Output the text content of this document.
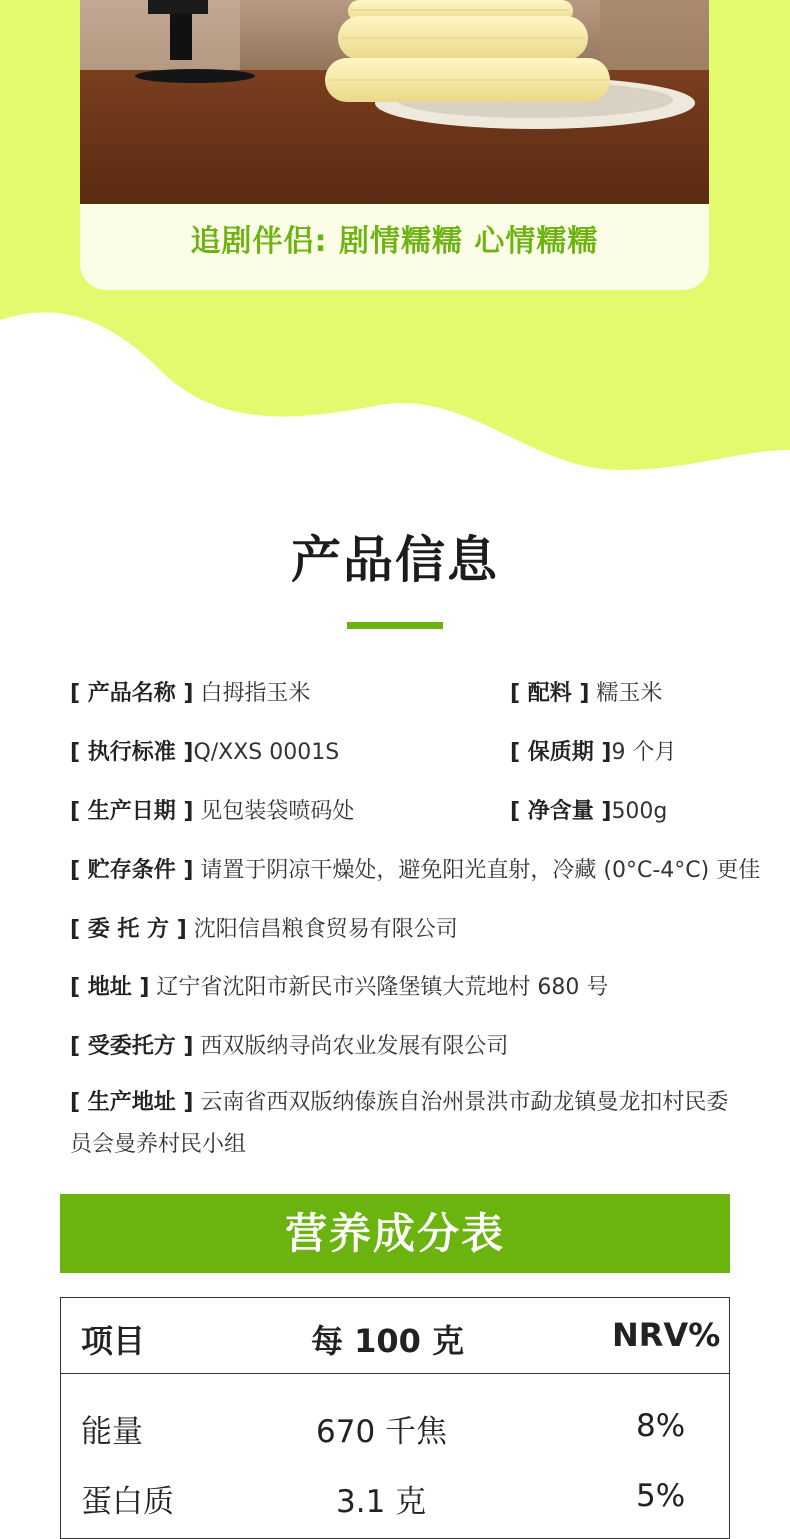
追剧伴侣: 剧情糯糯 心情糯糯
产品信息
[ 产品名称 ] 白拇指玉米	[ 配料 ] 糯玉米
[ 执行标准 ]Q/XXS 0001S	[ 保质期 ]9 个月
[ 生产日期 ] 见包装袋喷码处	[ 净含量 ]500g
[ 贮存条件 ] 请置于阴凉干燥处，避免阳光直射，冷藏 (0°C-4°C) 更佳
[ 委 托 方 ] 沈阳信昌粮食贸易有限公司
[ 地址 ] 辽宁省沈阳市新民市兴隆堡镇大荒地村 680 号
[ 受委托方 ] 西双版纳寻尚农业发展有限公司
[ 生产地址 ] 云南省西双版纳傣族自治州景洪市勐龙镇曼龙扣村民委员会曼养村民小组
营养成分表
项目	每 100 克	NRV%
能量	670 千焦	8%
蛋白质	3.1 克	5%
